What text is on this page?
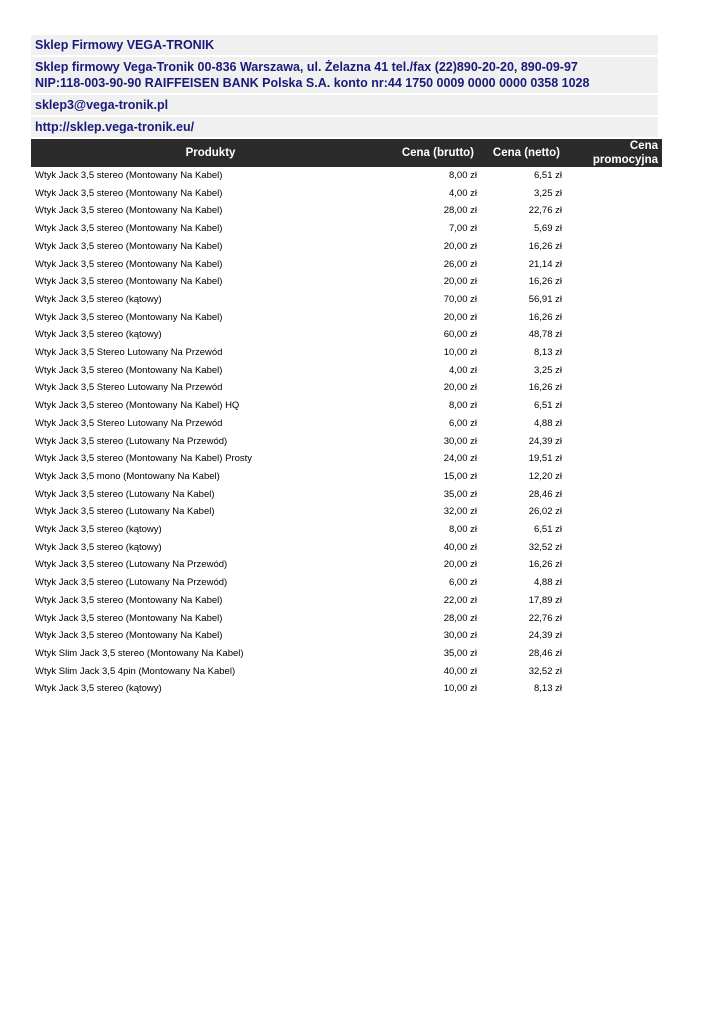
Sklep Firmowy VEGA-TRONIK
Sklep firmowy Vega-Tronik 00-836 Warszawa, ul. Żelazna 41 tel./fax (22)890-20-20, 890-09-97
NIP:118-003-90-90 RAIFFEISEN BANK Polska S.A. konto nr:44 1750 0009 0000 0000 0358 1028
sklep3@vega-tronik.pl
http://sklep.vega-tronik.eu/
Produkty	Cena (brutto)	Cena (netto)	Cena promocyjna
Wtyk Jack 3,5 stereo (Montowany Na Kabel)	8,00 zł	6,51 zł	
Wtyk Jack 3,5 stereo (Montowany Na Kabel)	4,00 zł	3,25 zł	
Wtyk Jack 3,5 stereo (Montowany Na Kabel)	28,00 zł	22,76 zł	
Wtyk Jack 3,5 stereo (Montowany Na Kabel)	7,00 zł	5,69 zł	
Wtyk Jack 3,5 stereo (Montowany Na Kabel)	20,00 zł	16,26 zł	
Wtyk Jack 3,5 stereo (Montowany Na Kabel)	26,00 zł	21,14 zł	
Wtyk Jack 3,5 stereo (Montowany Na Kabel)	20,00 zł	16,26 zł	
Wtyk Jack 3,5 stereo (kątowy)	70,00 zł	56,91 zł	
Wtyk Jack 3,5 stereo (Montowany Na Kabel)	20,00 zł	16,26 zł	
Wtyk Jack 3,5 stereo (kątowy)	60,00 zł	48,78 zł	
Wtyk Jack 3,5 Stereo Lutowany Na Przewód	10,00 zł	8,13 zł	
Wtyk Jack 3,5 stereo (Montowany Na Kabel)	4,00 zł	3,25 zł	
Wtyk Jack 3,5 Stereo Lutowany Na Przewód	20,00 zł	16,26 zł	
Wtyk Jack 3,5 stereo (Montowany Na Kabel) HQ	8,00 zł	6,51 zł	
Wtyk Jack 3,5 Stereo Lutowany Na Przewód	6,00 zł	4,88 zł	
Wtyk Jack 3,5 stereo (Lutowany Na Przewód)	30,00 zł	24,39 zł	
Wtyk Jack 3,5 stereo (Montowany Na Kabel) Prosty	24,00 zł	19,51 zł	
Wtyk Jack 3,5 mono (Montowany Na Kabel)	15,00 zł	12,20 zł	
Wtyk Jack 3,5 stereo (Lutowany Na Kabel)	35,00 zł	28,46 zł	
Wtyk Jack 3,5 stereo (Lutowany Na Kabel)	32,00 zł	26,02 zł	
Wtyk Jack 3,5 stereo (kątowy)	8,00 zł	6,51 zł	
Wtyk Jack 3,5 stereo (kątowy)	40,00 zł	32,52 zł	
Wtyk Jack 3,5 stereo (Lutowany Na Przewód)	20,00 zł	16,26 zł	
Wtyk Jack 3,5 stereo (Lutowany Na Przewód)	6,00 zł	4,88 zł	
Wtyk Jack 3,5 stereo (Montowany Na Kabel)	22,00 zł	17,89 zł	
Wtyk Jack 3,5 stereo (Montowany Na Kabel)	28,00 zł	22,76 zł	
Wtyk Jack 3,5 stereo (Montowany Na Kabel)	30,00 zł	24,39 zł	
Wtyk Slim Jack 3,5 stereo (Montowany Na Kabel)	35,00 zł	28,46 zł	
Wtyk Slim Jack 3,5 4pin (Montowany Na Kabel)	40,00 zł	32,52 zł	
Wtyk Jack 3,5 stereo (kątowy)	10,00 zł	8,13 zł	
